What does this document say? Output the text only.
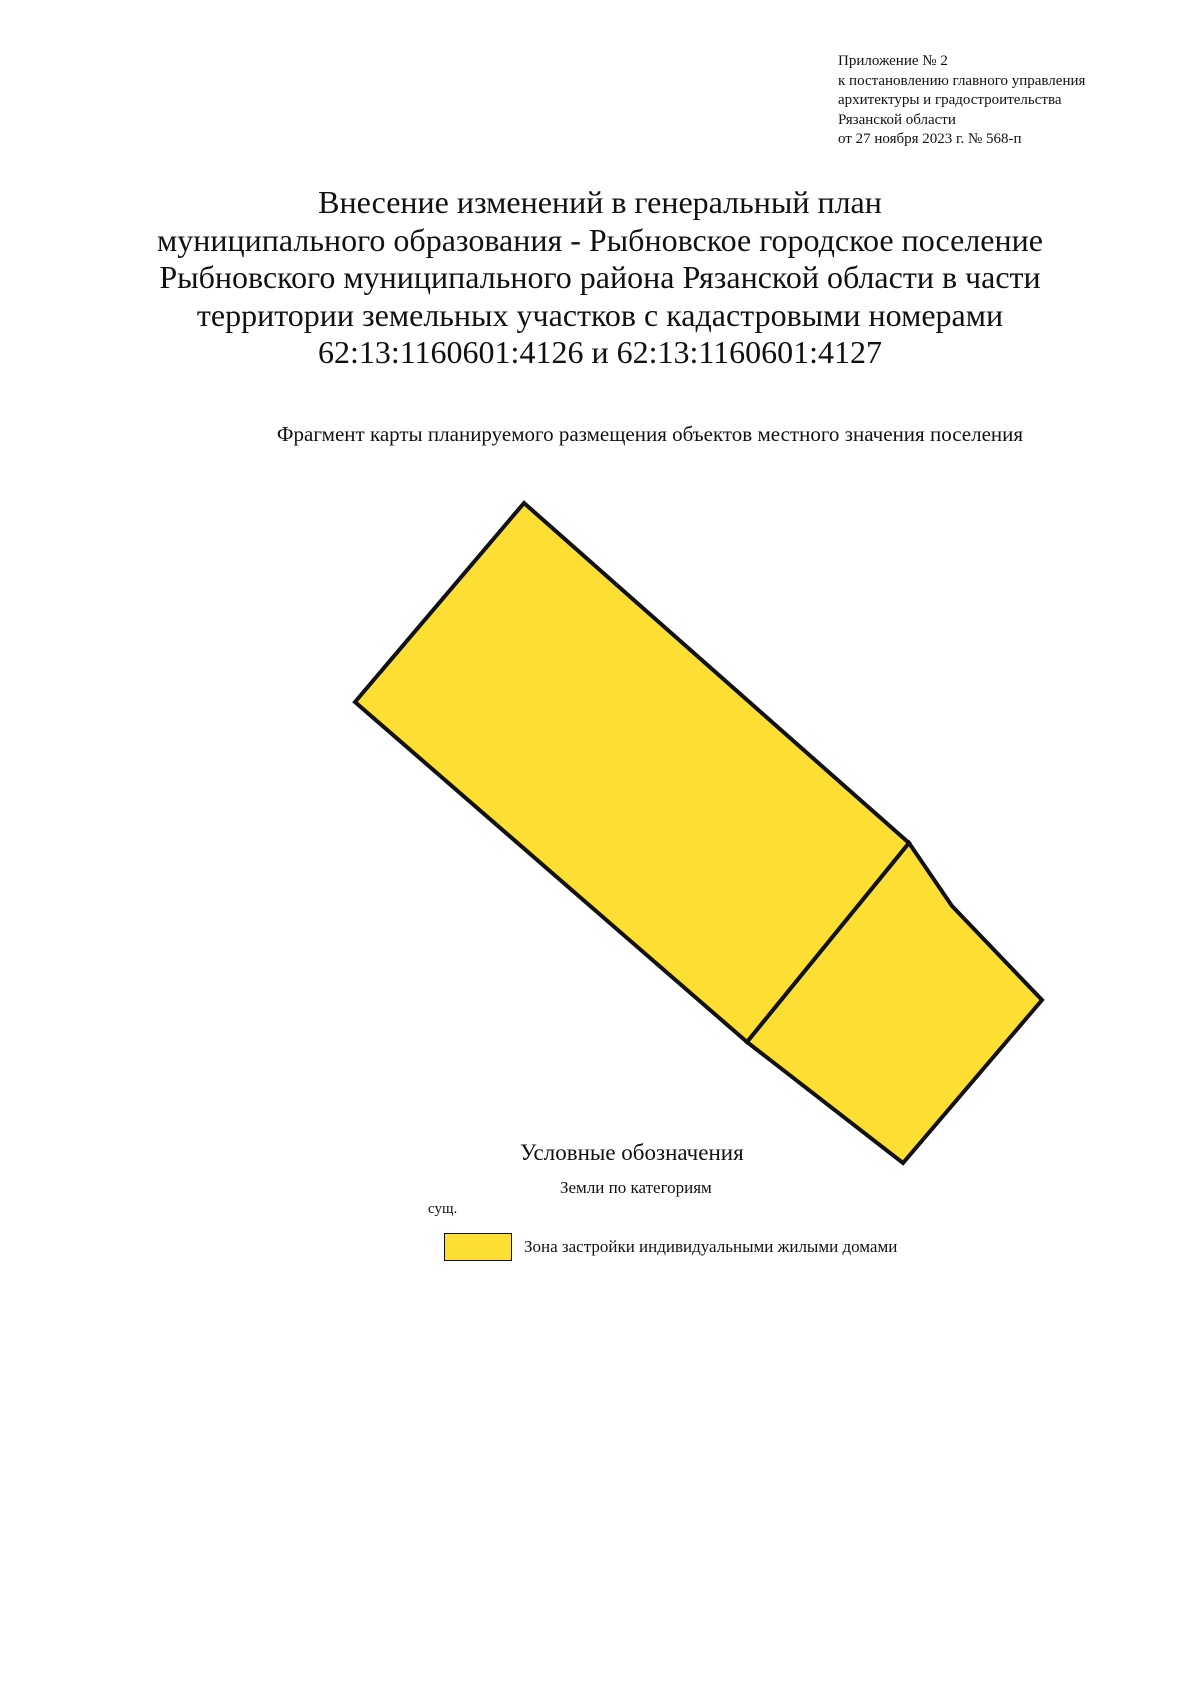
Приложение № 2
к постановлению главного управления
архитектуры и градостроительства
Рязанской области
от 27 ноября 2023 г. № 568-п
Внесение изменений в генеральный план
муниципального образования - Рыбновское городское поселение
Рыбновского муниципального района Рязанской области в части
территории земельных участков с кадастровыми номерами
62:13:1160601:4126 и 62:13:1160601:4127
Фрагмент карты планируемого размещения объектов местного значения поселения
Условные обозначения
Земли по категориям
сущ.
Зона застройки индивидуальными жилыми домами
